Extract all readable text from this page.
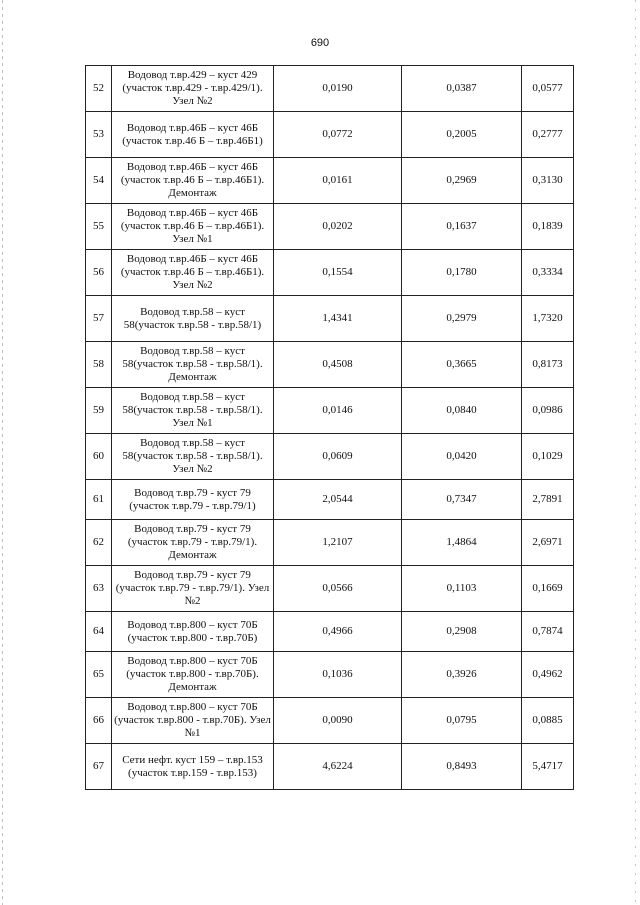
690
52	Водовод т.вр.429 – куст 429 (участок т.вр.429 - т.вр.429/1). Узел №2	0,0190	0,0387	0,0577
53	Водовод т.вр.46Б – куст 46Б (участок т.вр.46 Б – т.вр.46Б1)	0,0772	0,2005	0,2777
54	Водовод т.вр.46Б – куст 46Б (участок т.вр.46 Б – т.вр.46Б1). Демонтаж	0,0161	0,2969	0,3130
55	Водовод т.вр.46Б – куст 46Б (участок т.вр.46 Б – т.вр.46Б1). Узел №1	0,0202	0,1637	0,1839
56	Водовод т.вр.46Б – куст 46Б (участок т.вр.46 Б – т.вр.46Б1). Узел №2	0,1554	0,1780	0,3334
57	Водовод т.вр.58 – куст 58(участок т.вр.58 - т.вр.58/1)	1,4341	0,2979	1,7320
58	Водовод т.вр.58 – куст 58(участок т.вр.58 - т.вр.58/1). Демонтаж	0,4508	0,3665	0,8173
59	Водовод т.вр.58 – куст 58(участок т.вр.58 - т.вр.58/1). Узел №1	0,0146	0,0840	0,0986
60	Водовод т.вр.58 – куст 58(участок т.вр.58 - т.вр.58/1). Узел №2	0,0609	0,0420	0,1029
61	Водовод т.вр.79 - куст 79 (участок т.вр.79 - т.вр.79/1)	2,0544	0,7347	2,7891
62	Водовод т.вр.79 - куст 79 (участок т.вр.79 - т.вр.79/1). Демонтаж	1,2107	1,4864	2,6971
63	Водовод т.вр.79 - куст 79 (участок т.вр.79 - т.вр.79/1). Узел №2	0,0566	0,1103	0,1669
64	Водовод т.вр.800 – куст 70Б (участок т.вр.800 - т.вр.70Б)	0,4966	0,2908	0,7874
65	Водовод т.вр.800 – куст 70Б (участок т.вр.800 - т.вр.70Б). Демонтаж	0,1036	0,3926	0,4962
66	Водовод т.вр.800 – куст 70Б (участок т.вр.800 - т.вр.70Б). Узел №1	0,0090	0,0795	0,0885
67	Сети нефт. куст 159 – т.вр.153 (участок т.вр.159 - т.вр.153)	4,6224	0,8493	5,4717
